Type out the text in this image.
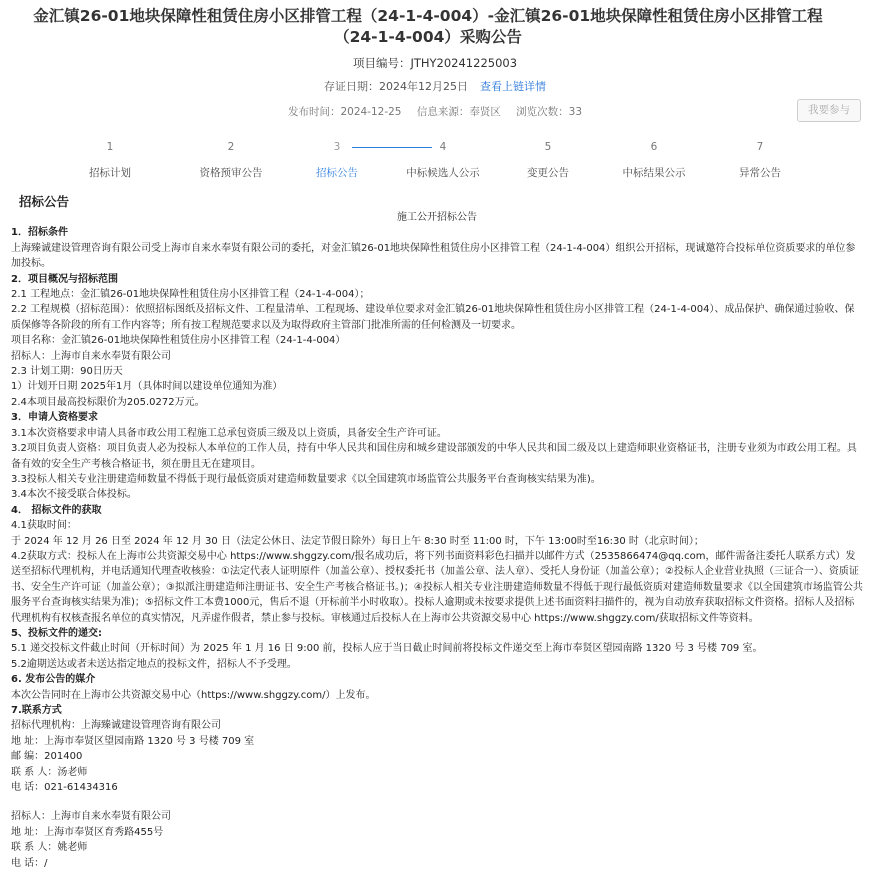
金汇镇26-01地块保障性租赁住房小区排管工程（24-1-4-004）-金汇镇26-01地块保障性租赁住房小区排管工程（24-1-4-004）采购公告
项目编号：JTHY20241225003
存证日期：2024年12月25日 查看上链详情
发布时间：2024-12-25 信息来源：奉贤区 浏览次数：33	我要参与
1
招标计划
2
资格预审公告
3
招标公告
4
中标候选人公示
5
变更公告
6
中标结果公示
7
异常公告
招标公告
施工公开招标公告

1．招标条件

上海臻诚建设管理咨询有限公司受上海市自来水奉贤有限公司的委托，对金汇镇26-01地块保障性租赁住房小区排管工程（24-1-4-004）组织公开招标，现诚邀符合投标单位资质要求的单位参加投标。

2．项目概况与招标范围

2.1 工程地点：金汇镇26-01地块保障性租赁住房小区排管工程（24-1-4-004）；

2.2 工程规模（招标范围）：依照招标图纸及招标文件、工程量清单、工程现场、建设单位要求对金汇镇26-01地块保障性租赁住房小区排管工程（24-1-4-004）、成品保护、确保通过验收、保质保修等各阶段的所有工作内容等；所有按工程规范要求以及为取得政府主管部门批准所需的任何检测及一切要求。

项目名称：金汇镇26-01地块保障性租赁住房小区排管工程（24-1-4-004）

招标人：上海市自来水奉贤有限公司

2.3 计划工期：90日历天

1）计划开日期 2025年1月（具体时间以建设单位通知为准）

2.4本项目最高投标限价为205.0272万元。

3．申请人资格要求

3.1本次资格要求申请人具备市政公用工程施工总承包资质三级及以上资质，具备安全生产许可证。

3.2项目负责人资格：项目负责人必为投标人本单位的工作人员，持有中华人民共和国住房和城乡建设部颁发的中华人民共和国二级及以上建造师职业资格证书，注册专业须为市政公用工程。具备有效的安全生产考核合格证书，须在册且无在建项目。

3.3投标人相关专业注册建造师数量不得低于现行最低资质对建造师数量要求《以全国建筑市场监管公共服务平台查询核实结果为准)。

3.4本次不接受联合体投标。

4． 招标文件的获取

4.1获取时间：

于 2024 年 12 月 26 日至 2024 年 12 月 30 日（法定公休日、法定节假日除外）每日上午 8:30 时至 11:00 时，下午 13:00时至16:30 时（北京时间）；

4.2获取方式：投标人在上海市公共资源交易中心 https://www.shggzy.com/报名成功后，将下列书面资料彩色扫描并以邮件方式（2535866474@qq.com，邮件需备注委托人联系方式）发送至招标代理机构，并电话通知代理查收核验：①法定代表人证明原件（加盖公章）、授权委托书（加盖公章、法人章）、受托人身份证（加盖公章）；②投标人企业营业执照（三证合一）、资质证书、安全生产许可证（加盖公章）；③拟派注册建造师注册证书、安全生产考核合格证书。)；④投标人相关专业注册建造师数量不得低于现行最低资质对建造师数量要求《以全国建筑市场监管公共服务平台查询核实结果为准)；⑤招标文件工本费1000元，售后不退（开标前半小时收取）。投标人逾期或未按要求提供上述书面资料扫描件的，视为自动放弃获取招标文件资格。招标人及招标代理机构有权核查报名单位的真实情况，凡弄虚作假者，禁止参与投标。审核通过后投标人在上海市公共资源交易中心 https://www.shggzy.com/获取招标文件等资料。

5、投标文件的递交:

5.1 递交投标文件截止时间（开标时间）为 2025 年 1 月 16 日 9:00 前，投标人应于当日截止时间前将投标文件递交至上海市奉贤区望园南路 1320 号 3 号楼 709 室。

5.2逾期送达或者未送达指定地点的投标文件，招标人不予受理。

6. 发布公告的媒介

本次公告同时在上海市公共资源交易中心（https://www.shggzy.com/）上发布。

7.联系方式

招标代理机构：上海臻诚建设管理咨询有限公司

地 址：上海市奉贤区望园南路 1320 号 3 号楼 709 室

邮 编：201400

联 系 人：汤老师

电 话：021-61434316

招标人：上海市自来水奉贤有限公司

地 址：上海市奉贤区育秀路455号

联 系 人：姚老师

电 话：/
